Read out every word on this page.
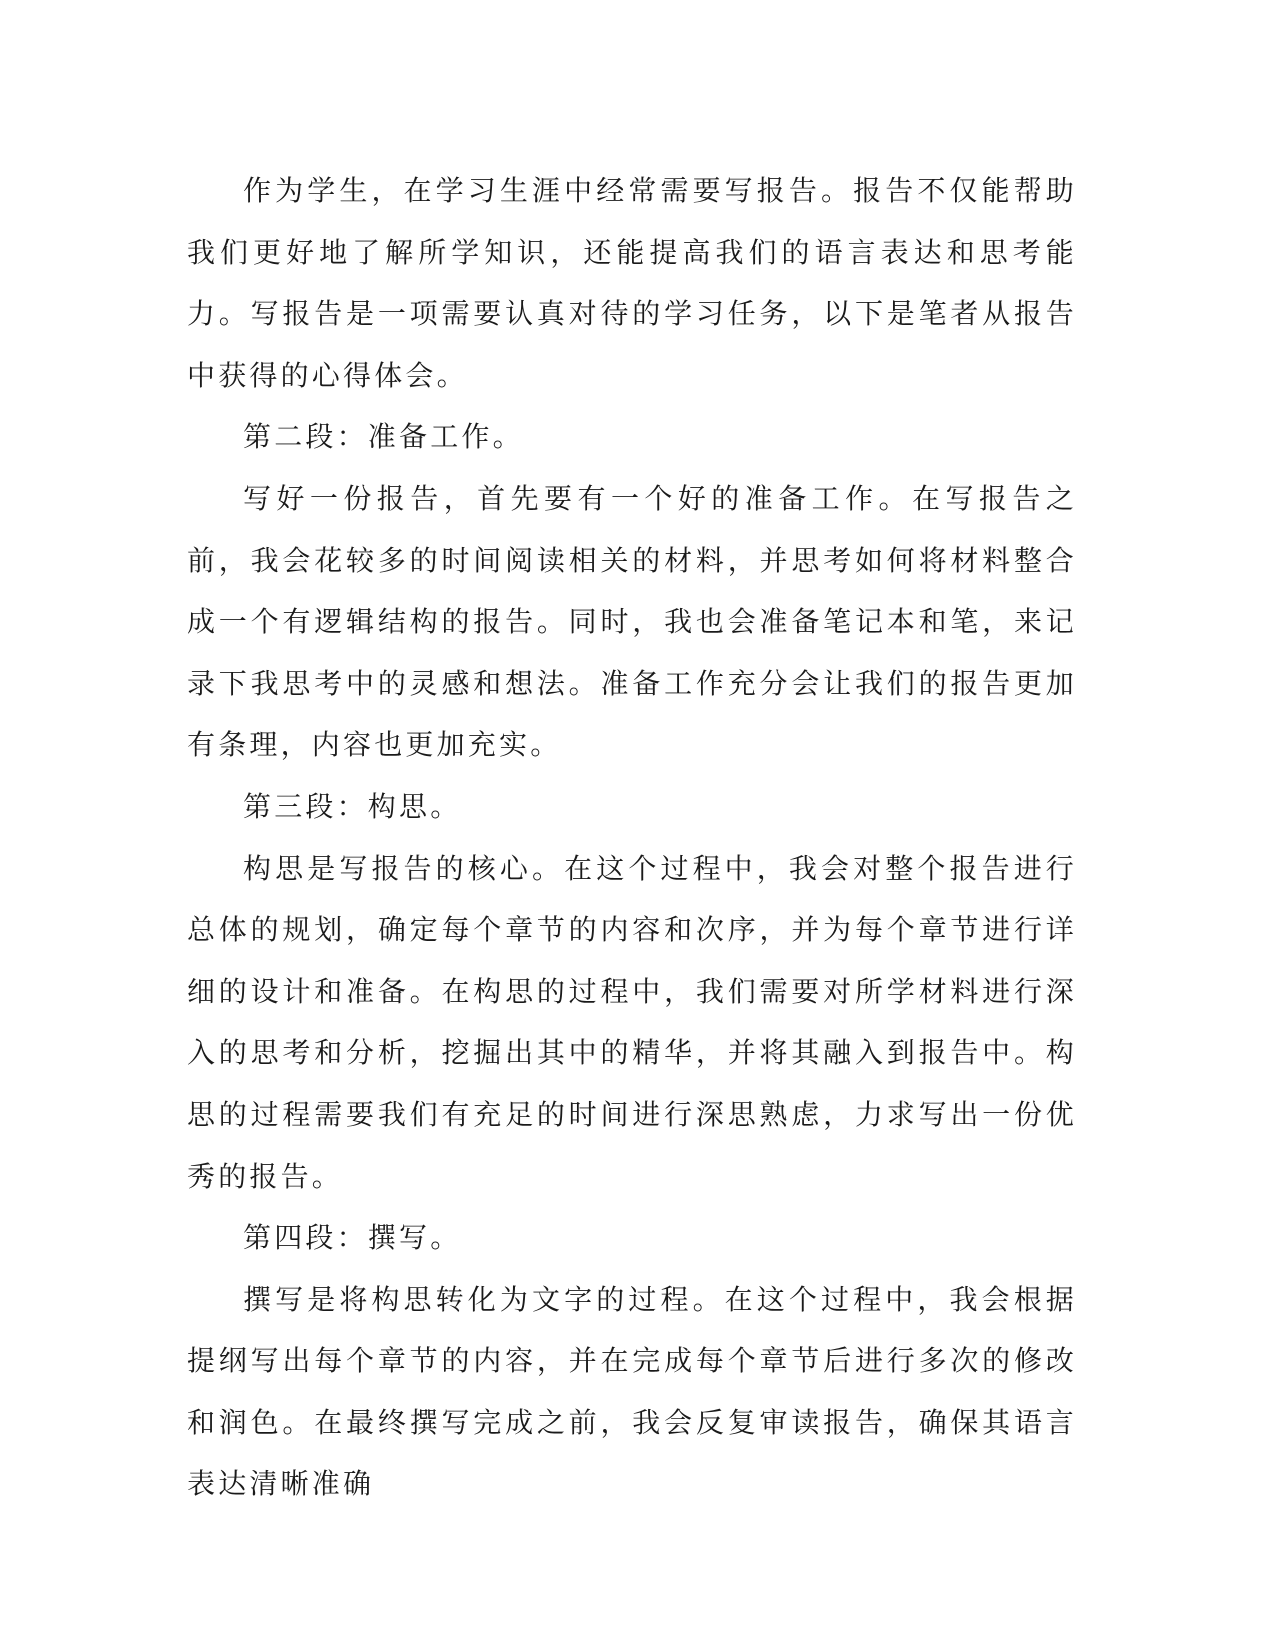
作为学生，在学习生涯中经常需要写报告。报告不仅能帮助我们更好地了解所学知识，还能提高我们的语言表达和思考能力。写报告是一项需要认真对待的学习任务，以下是笔者从报告中获得的心得体会。

第二段：准备工作。

写好一份报告，首先要有一个好的准备工作。在写报告之前，我会花较多的时间阅读相关的材料，并思考如何将材料整合成一个有逻辑结构的报告。同时，我也会准备笔记本和笔，来记录下我思考中的灵感和想法。准备工作充分会让我们的报告更加有条理，内容也更加充实。

第三段：构思。

构思是写报告的核心。在这个过程中，我会对整个报告进行总体的规划，确定每个章节的内容和次序，并为每个章节进行详细的设计和准备。在构思的过程中，我们需要对所学材料进行深入的思考和分析，挖掘出其中的精华，并将其融入到报告中。构思的过程需要我们有充足的时间进行深思熟虑，力求写出一份优秀的报告。

第四段：撰写。

撰写是将构思转化为文字的过程。在这个过程中，我会根据提纲写出每个章节的内容，并在完成每个章节后进行多次的修改和润色。在最终撰写完成之前，我会反复审读报告，确保其语言表达清晰准确
